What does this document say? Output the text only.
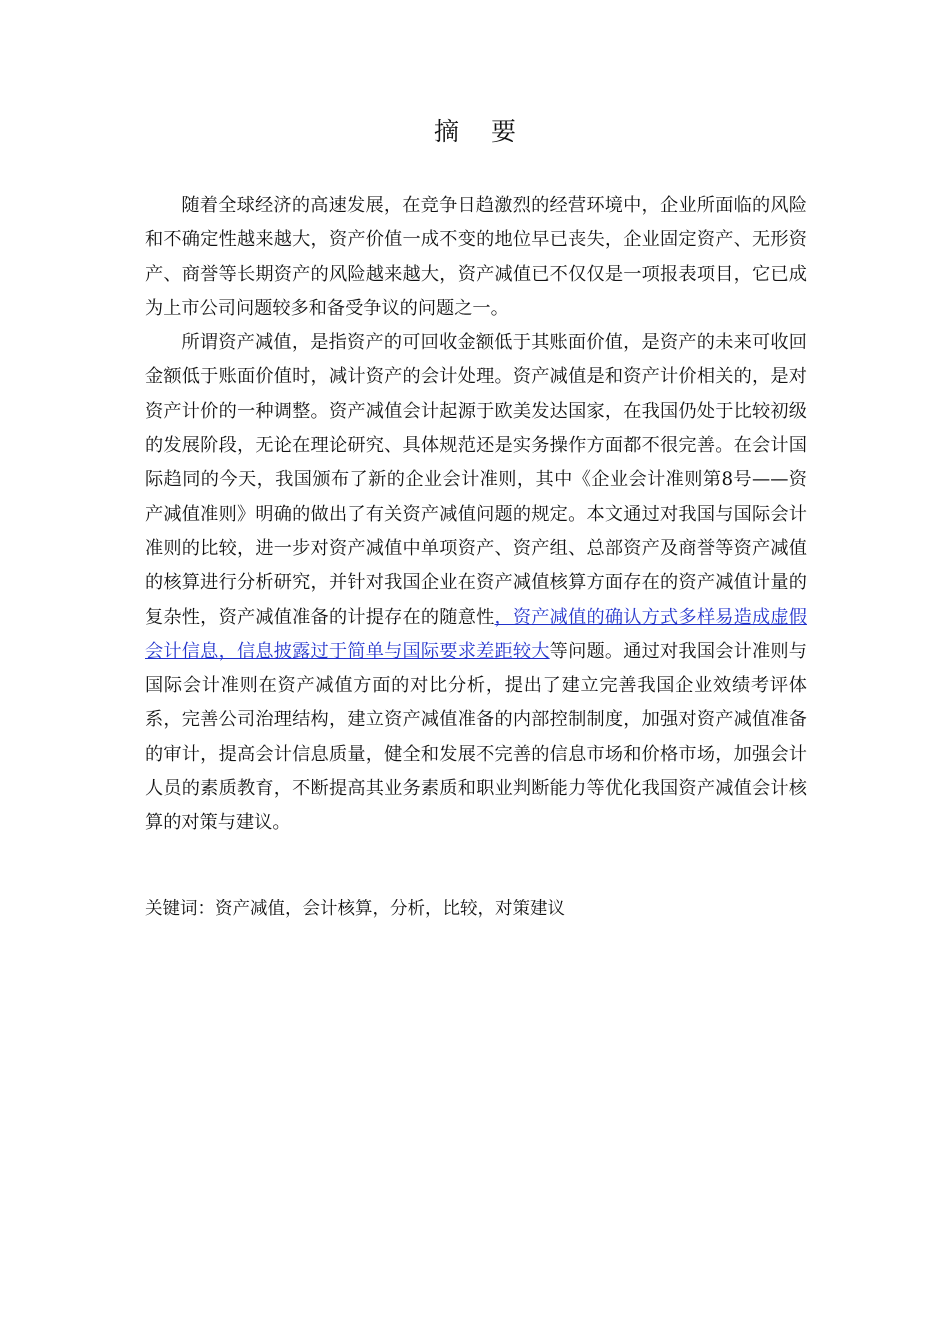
摘 要

随着全球经济的高速发展，在竞争日趋激烈的经营环境中，企业所面临的风险和不确定性越来越大，资产价值一成不变的地位早已丧失，企业固定资产、无形资产、商誉等长期资产的风险越来越大，资产减值已不仅仅是一项报表项目，它已成为上市公司问题较多和备受争议的问题之一。

所谓资产减值，是指资产的可回收金额低于其账面价值，是资产的未来可收回金额低于账面价值时，减计资产的会计处理。资产减值是和资产计价相关的，是对资产计价的一种调整。资产减值会计起源于欧美发达国家，在我国仍处于比较初级的发展阶段，无论在理论研究、具体规范还是实务操作方面都不很完善。在会计国际趋同的今天，我国颁布了新的企业会计准则，其中《企业会计准则第8号——资产减值准则》明确的做出了有关资产减值问题的规定。本文通过对我国与国际会计准则的比较，进一步对资产减值中单项资产、资产组、总部资产及商誉等资产减值的核算进行分析研究，并针对我国企业在资产减值核算方面存在的资产减值计量的复杂性，资产减值准备的计提存在的随意性，资产减值的确认方式多样易造成虚假会计信息，信息披露过于简单与国际要求差距较大等问题。通过对我国会计准则与国际会计准则在资产减值方面的对比分析，提出了建立完善我国企业效绩考评体系，完善公司治理结构，建立资产减值准备的内部控制制度，加强对资产减值准备的审计，提高会计信息质量，健全和发展不完善的信息市场和价格市场，加强会计人员的素质教育，不断提高其业务素质和职业判断能力等优化我国资产减值会计核算的对策与建议。

关键词：资产减值，会计核算，分析，比较，对策建议
